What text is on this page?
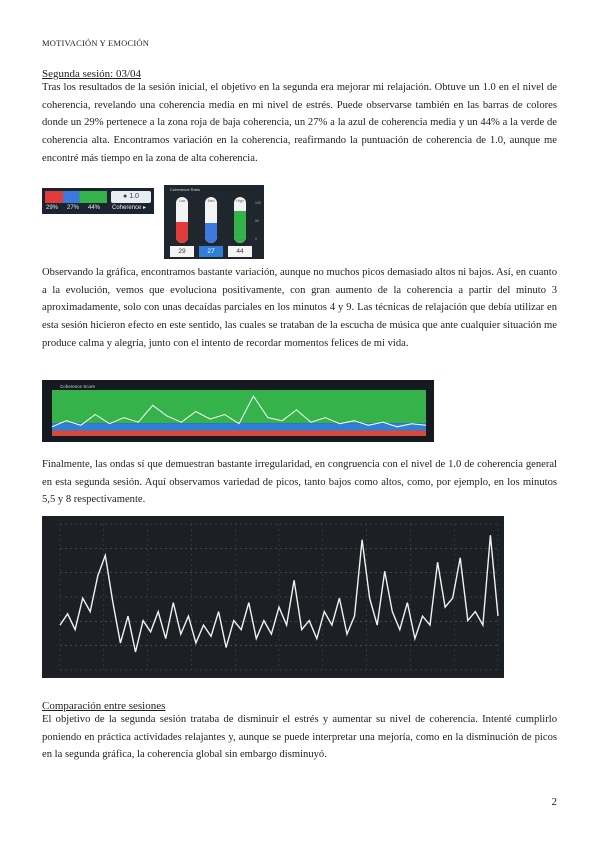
MOTIVACIÓN Y EMOCIÓN
Segunda sesión: 03/04
Tras los resultados de la sesión inicial, el objetivo en la segunda era mejorar mi relajación. Obtuve un 1.0 en el nivel de coherencia, revelando una coherencia media en mi nivel de estrés. Puede observarse también en las barras de colores donde un 29% pertenece a la zona roja de baja coherencia, un 27% a la azul de coherencia media y un 44% a la verde de coherencia alta. Encontramos variación en la coherencia, reafirmando la puntuación de coherencia de 1.0, aunque me encontré más tiempo en la zona de alta coherencia.
● 1.0
29% 27% 44% Coherence ▸
Coherence Ratio
Low	Med	High	100
50
0
29	27	44
Observando la gráfica, encontramos bastante variación, aunque no muchos picos demasiado altos ni bajos. Así, en cuanto a la evolución, vemos que evoluciona positivamente, con gran aumento de la coherencia a partir del minuto 3 aproximadamente, solo con unas decaídas parciales en los minutos 4 y 9. Las técnicas de relajación que debía utilizar en esta sesión hicieron efecto en este sentido, las cuales se trataban de la escucha de música que ante cualquier situación me produce calma y alegría, junto con el intento de recordar momentos felices de mi vida.
Coherence Score
Finalmente, las ondas sí que demuestran bastante irregularidad, en congruencia con el nivel de 1.0 de coherencia general en esta segunda sesión. Aquí observamos variedad de picos, tanto bajos como altos, como, por ejemplo, en los minutos 5,5 y 8 respectivamente.
Comparación entre sesiones
El objetivo de la segunda sesión trataba de disminuir el estrés y aumentar su nivel de coherencia. Intenté cumplirlo poniendo en práctica actividades relajantes y, aunque se puede interpretar una mejoría, como en la disminución de picos en la segunda gráfica, la coherencia global sin embargo disminuyó.
2
